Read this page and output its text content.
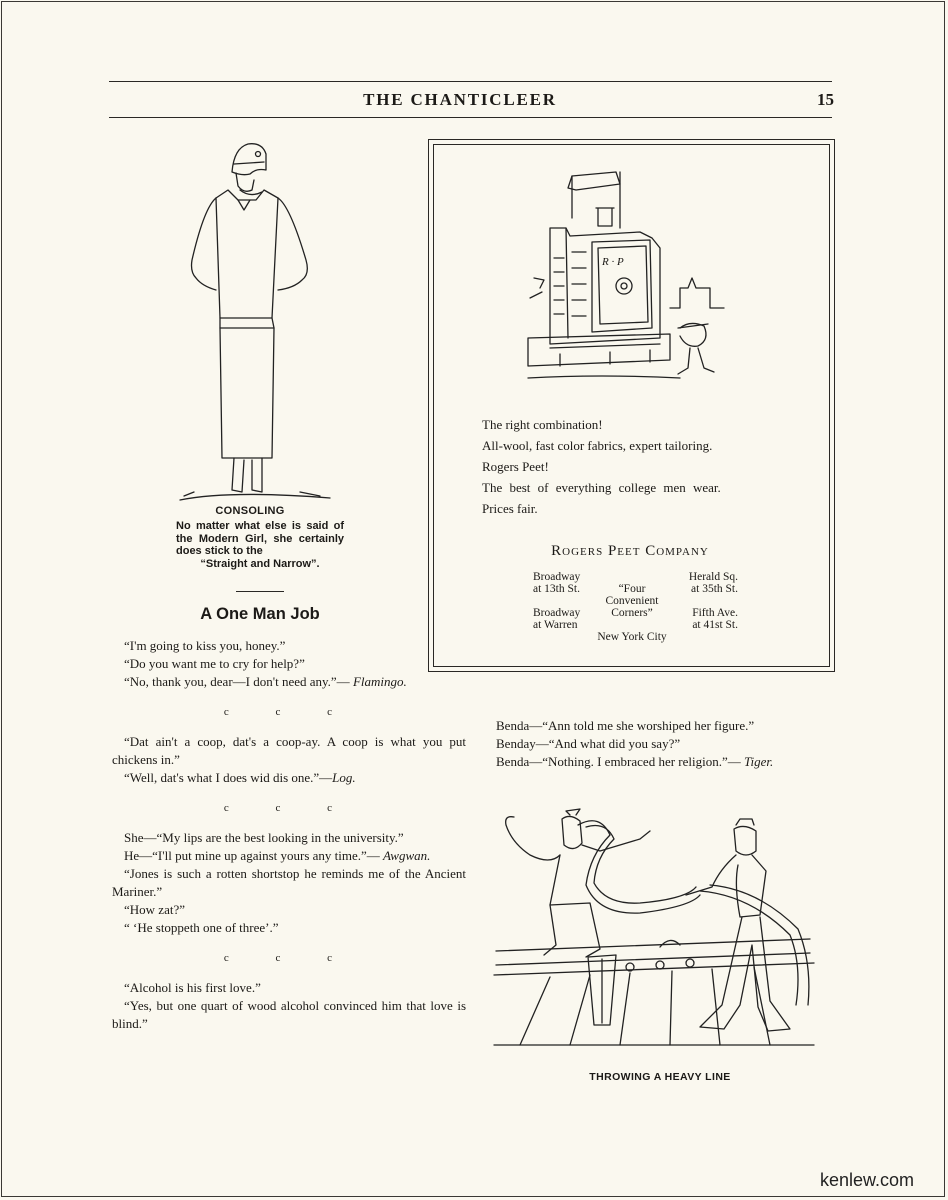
THE CHANTICLEER	15
CONSOLING
No matter what else is said of the Modern Girl, she certainly does stick to the
“Straight and Narrow”.
A One Man Job

“I'm going to kiss you, honey.”

“Do you want me to cry for help?”

“No, thank you, dear—I don't need any.”— Flamingo.

c c c

“Dat ain't a coop, dat's a coop-ay. A coop is what you put chickens in.”

“Well, dat's what I does wid dis one.”—Log.

c c c

She—“My lips are the best looking in the university.”

He—“I'll put mine up against yours any time.”— Awgwan.

“Jones is such a rotten shortstop he reminds me of the Ancient Mariner.”

“How zat?”

“ ‘He stoppeth one of three’.”

c c c

“Alcohol is his first love.”

“Yes, but one quart of wood alcohol convinced him that love is blind.”

R · P
The right combination!
All-wool, fast color fabrics, expert tailoring.
Rogers Peet!
The best of everything college men wear.
Prices fair.
Rogers Peet Company
Broadway
at 13th St.
Herald Sq.
at 35th St.
“Four
Convenient
Corners”
Broadway
at Warren
Fifth Ave.
at 41st St.
New York City

Benda—“Ann told me she worshiped her figure.”

Benday—“And what did you say?”

Benda—“Nothing. I embraced her religion.”— Tiger.

THROWING A HEAVY LINE
kenlew.com
